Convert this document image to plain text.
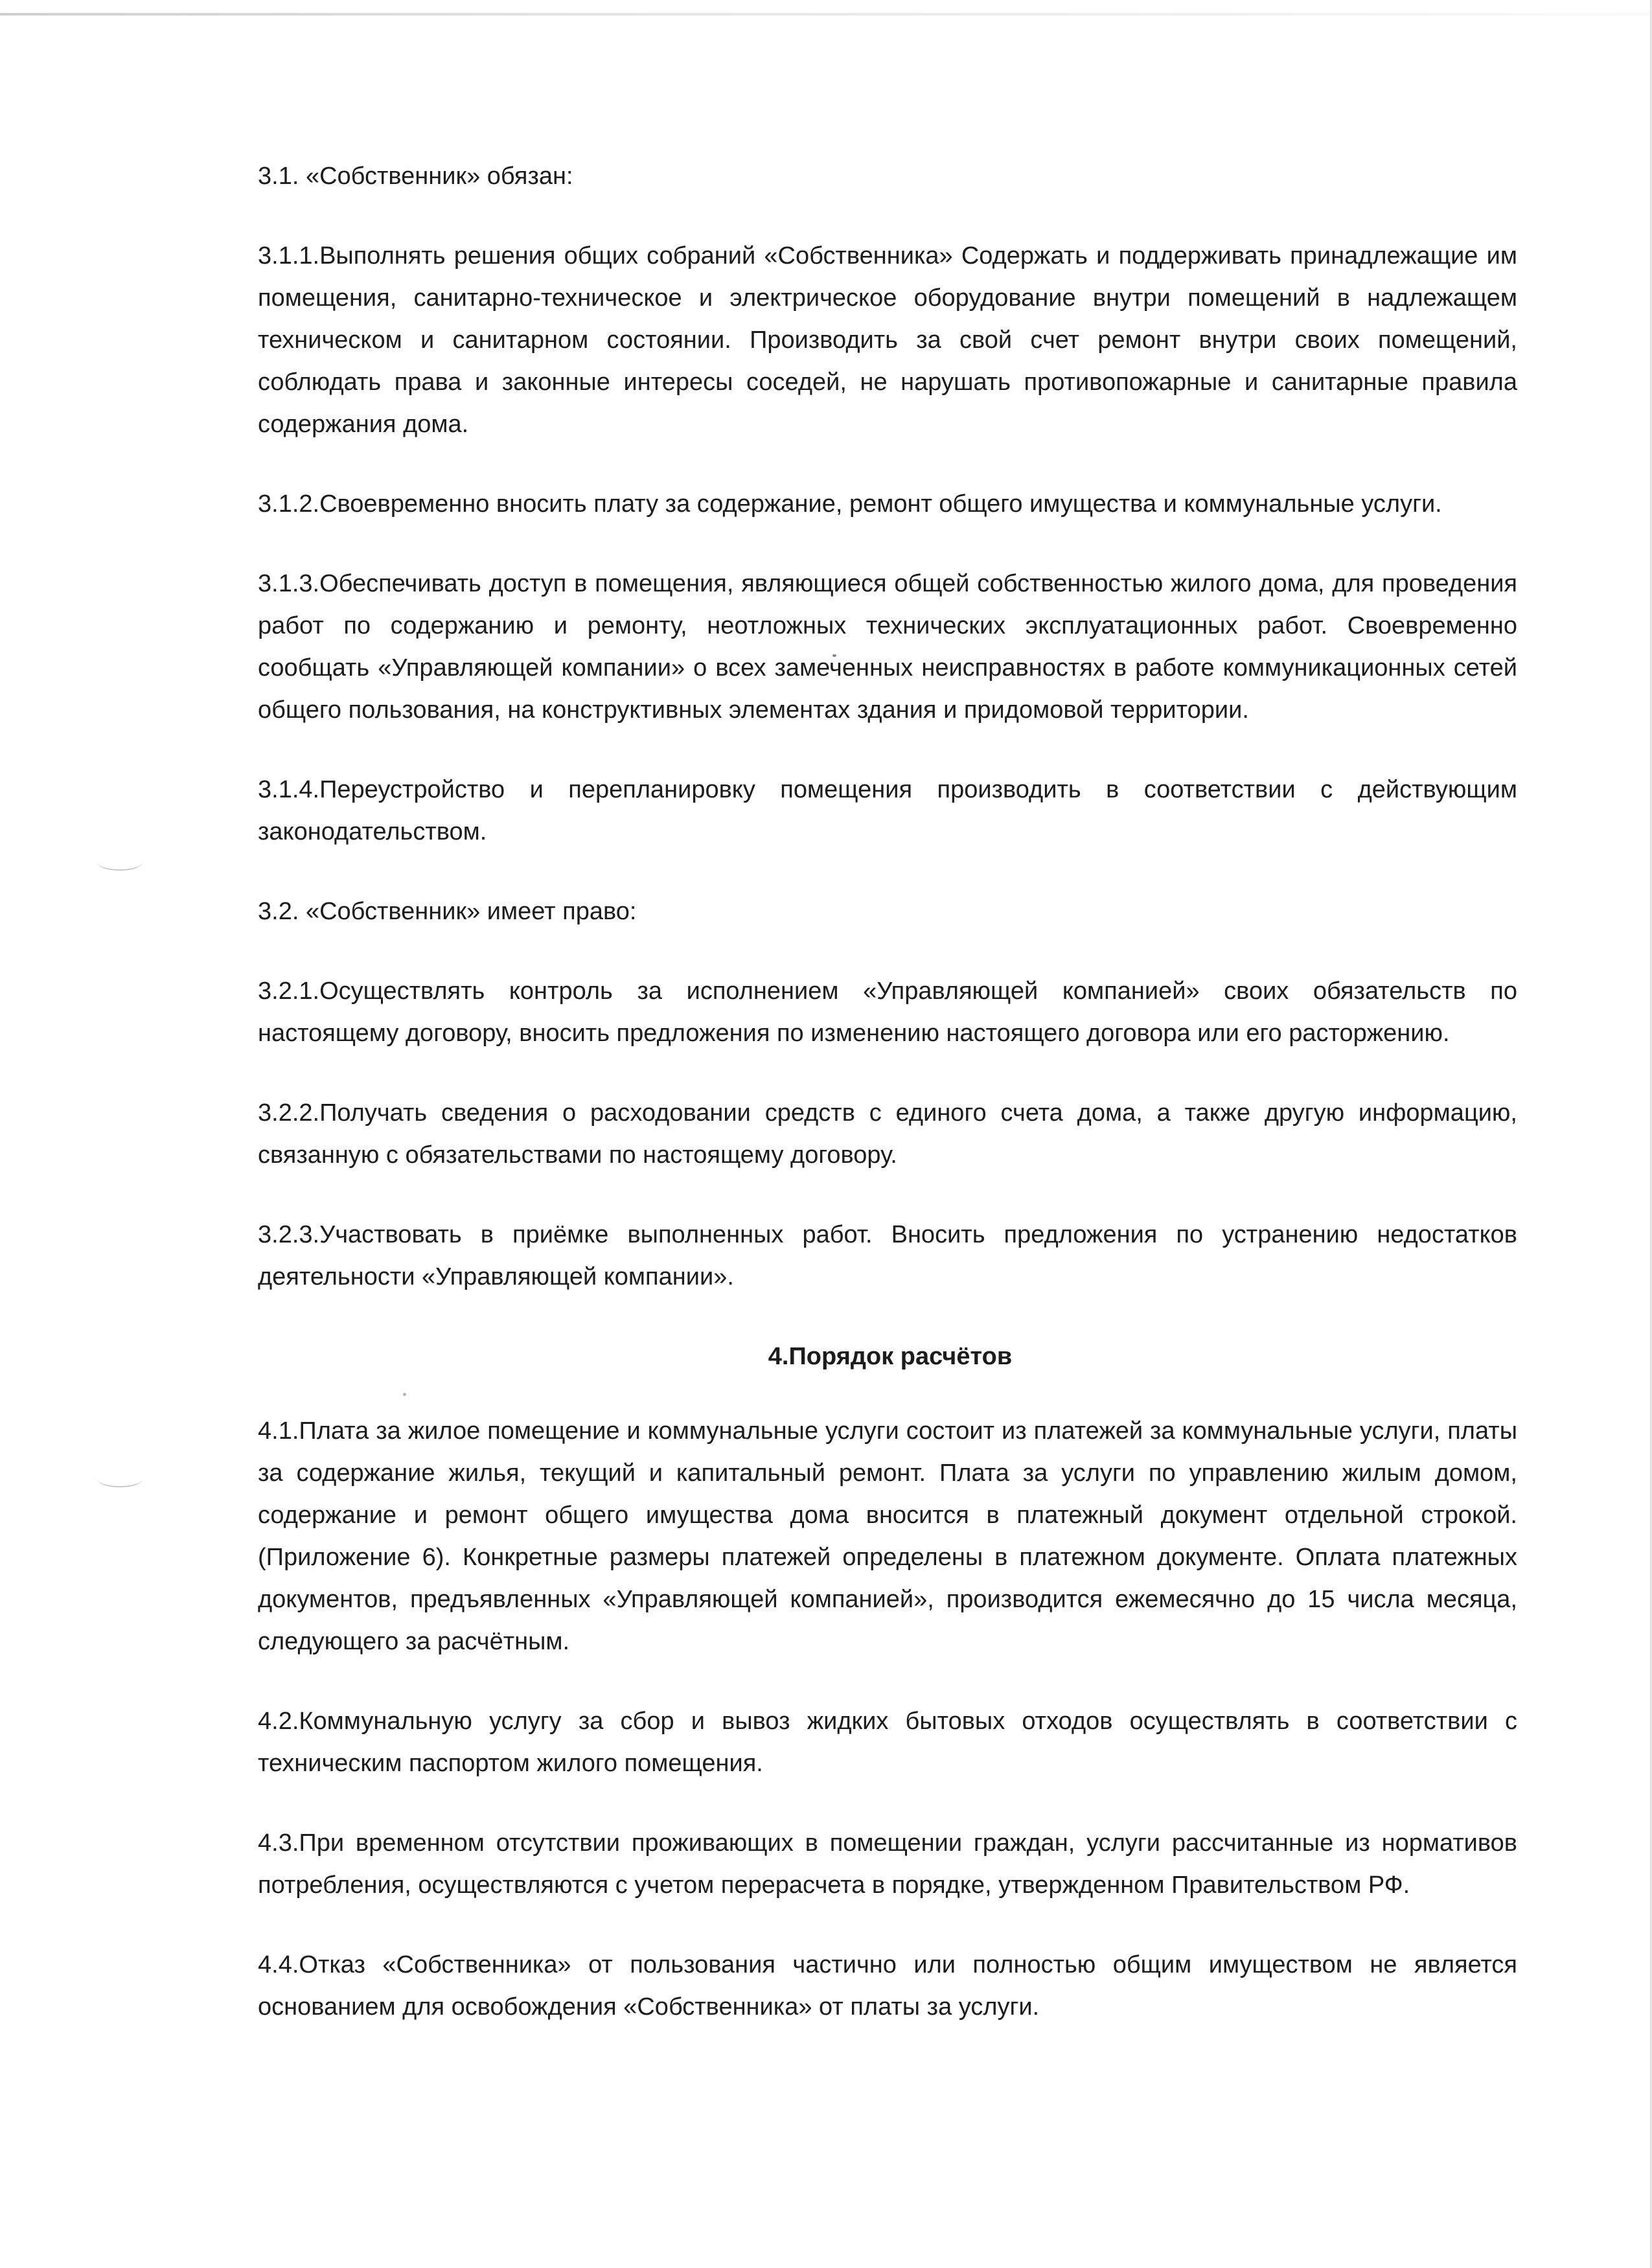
3.1. «Собственник» обязан:

3.1.1.Выполнять решения общих собраний «Собственника» Содержать и поддерживать принадлежащие им помещения, санитарно-техническое и электрическое оборудование внутри помещений в надлежащем техническом и санитарном состоянии. Производить за свой счет ремонт внутри своих помещений, соблюдать права и законные интересы соседей, не нарушать противопожарные и санитарные правила содержания дома.

3.1.2.Своевременно вносить плату за содержание, ремонт общего имущества и коммунальные услуги.

3.1.3.Обеспечивать доступ в помещения, являющиеся общей собственностью жилого дома, для проведения работ по содержанию и ремонту, неотложных технических эксплуатационных работ. Своевременно сообщать «Управляющей компании» о всех замеченных неисправностях в работе коммуникационных сетей общего пользования, на конструктивных элементах здания и придомовой территории.

3.1.4.Переустройство и перепланировку помещения производить в соответствии с действующим законодательством.

3.2. «Собственник» имеет право:

3.2.1.Осуществлять контроль за исполнением «Управляющей компанией» своих обязательств по настоящему договору, вносить предложения по изменению настоящего договора или его расторжению.

3.2.2.Получать сведения о расходовании средств с единого счета дома, а также другую информацию, связанную с обязательствами по настоящему договору.

3.2.3.Участвовать в приёмке выполненных работ. Вносить предложения по устранению недостатков деятельности «Управляющей компании».

4.Порядок расчётов

4.1.Плата за жилое помещение и коммунальные услуги состоит из платежей за коммунальные услуги, платы за содержание жилья, текущий и капитальный ремонт. Плата за услуги по управлению жилым домом, содержание и ремонт общего имущества дома вносится в платежный документ отдельной строкой. (Приложение 6). Конкретные размеры платежей определены в платежном документе. Оплата платежных документов, предъявленных «Управляющей компанией», производится ежемесячно до 15 числа месяца, следующего за расчётным.

4.2.Коммунальную услугу за сбор и вывоз жидких бытовых отходов осуществлять в соответствии с техническим паспортом жилого помещения.

4.3.При временном отсутствии проживающих в помещении граждан, услуги рассчитанные из нормативов потребления, осуществляются с учетом перерасчета в порядке, утвержденном Правительством РФ.

4.4.Отказ «Собственника» от пользования частично или полностью общим имуществом не является основанием для освобождения «Собственника» от платы за услуги.
